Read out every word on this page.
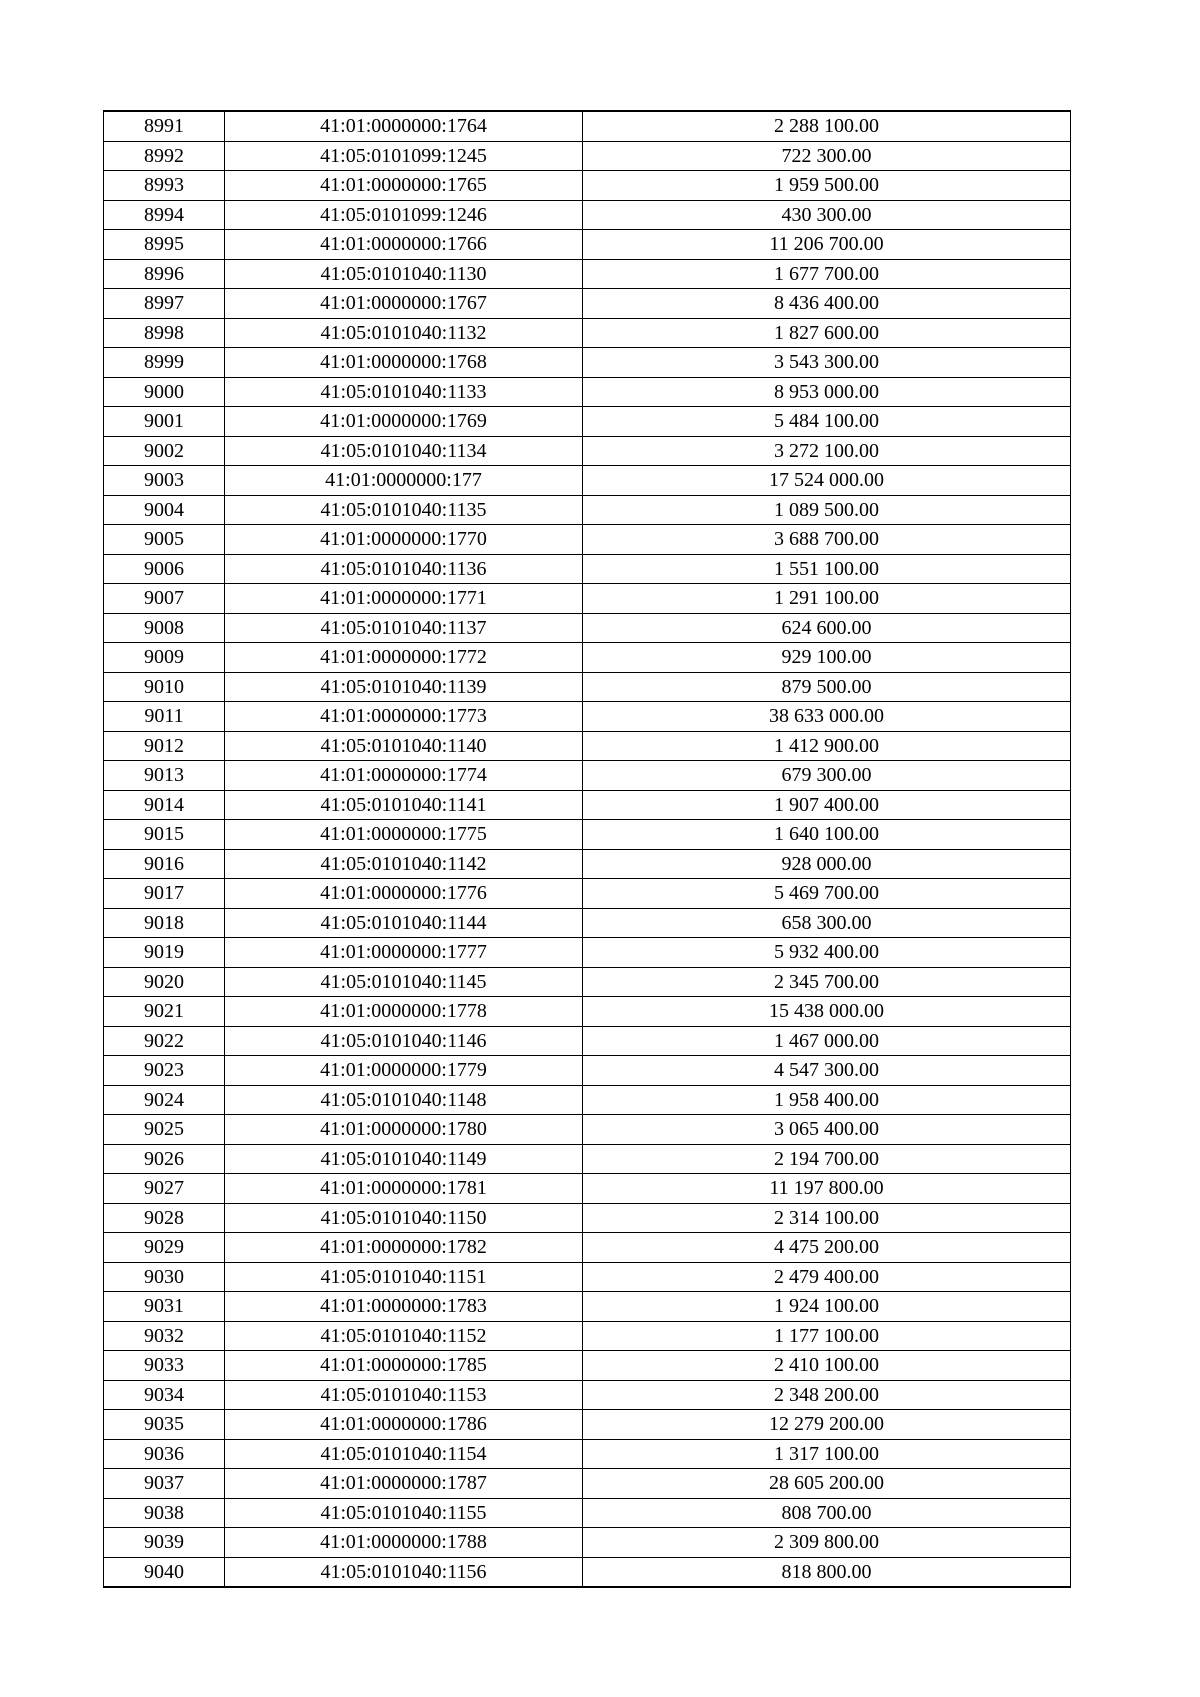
8991	41:01:0000000:1764	2 288 100.00
8992	41:05:0101099:1245	722 300.00
8993	41:01:0000000:1765	1 959 500.00
8994	41:05:0101099:1246	430 300.00
8995	41:01:0000000:1766	11 206 700.00
8996	41:05:0101040:1130	1 677 700.00
8997	41:01:0000000:1767	8 436 400.00
8998	41:05:0101040:1132	1 827 600.00
8999	41:01:0000000:1768	3 543 300.00
9000	41:05:0101040:1133	8 953 000.00
9001	41:01:0000000:1769	5 484 100.00
9002	41:05:0101040:1134	3 272 100.00
9003	41:01:0000000:177	17 524 000.00
9004	41:05:0101040:1135	1 089 500.00
9005	41:01:0000000:1770	3 688 700.00
9006	41:05:0101040:1136	1 551 100.00
9007	41:01:0000000:1771	1 291 100.00
9008	41:05:0101040:1137	624 600.00
9009	41:01:0000000:1772	929 100.00
9010	41:05:0101040:1139	879 500.00
9011	41:01:0000000:1773	38 633 000.00
9012	41:05:0101040:1140	1 412 900.00
9013	41:01:0000000:1774	679 300.00
9014	41:05:0101040:1141	1 907 400.00
9015	41:01:0000000:1775	1 640 100.00
9016	41:05:0101040:1142	928 000.00
9017	41:01:0000000:1776	5 469 700.00
9018	41:05:0101040:1144	658 300.00
9019	41:01:0000000:1777	5 932 400.00
9020	41:05:0101040:1145	2 345 700.00
9021	41:01:0000000:1778	15 438 000.00
9022	41:05:0101040:1146	1 467 000.00
9023	41:01:0000000:1779	4 547 300.00
9024	41:05:0101040:1148	1 958 400.00
9025	41:01:0000000:1780	3 065 400.00
9026	41:05:0101040:1149	2 194 700.00
9027	41:01:0000000:1781	11 197 800.00
9028	41:05:0101040:1150	2 314 100.00
9029	41:01:0000000:1782	4 475 200.00
9030	41:05:0101040:1151	2 479 400.00
9031	41:01:0000000:1783	1 924 100.00
9032	41:05:0101040:1152	1 177 100.00
9033	41:01:0000000:1785	2 410 100.00
9034	41:05:0101040:1153	2 348 200.00
9035	41:01:0000000:1786	12 279 200.00
9036	41:05:0101040:1154	1 317 100.00
9037	41:01:0000000:1787	28 605 200.00
9038	41:05:0101040:1155	808 700.00
9039	41:01:0000000:1788	2 309 800.00
9040	41:05:0101040:1156	818 800.00
